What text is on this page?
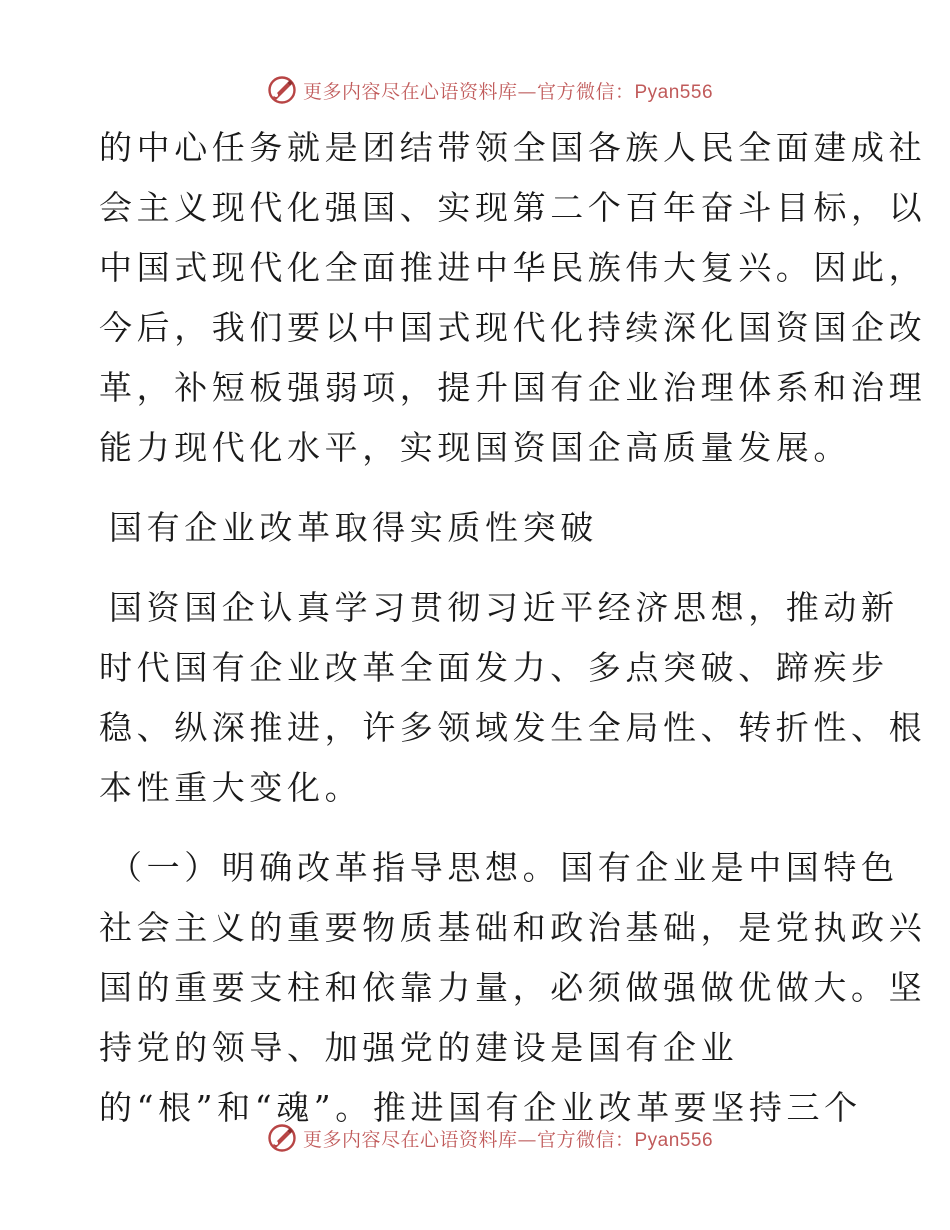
更多内容尽在心语资料库—官方微信：Pyan556
的中心任务就是团结带领全国各族人民全面建成社
会主义现代化强国、实现第二个百年奋斗目标，以
中国式现代化全面推进中华民族伟大复兴。因此，
今后，我们要以中国式现代化持续深化国资国企改
革，补短板强弱项，提升国有企业治理体系和治理
能力现代化水平，实现国资国企高质量发展。
国有企业改革取得实质性突破
国资国企认真学习贯彻习近平经济思想，推动新
时代国有企业改革全面发力、多点突破、蹄疾步
稳、纵深推进，许多领域发生全局性、转折性、根
本性重大变化。
（一）明确改革指导思想。国有企业是中国特色
社会主义的重要物质基础和政治基础，是党执政兴
国的重要支柱和依靠力量，必须做强做优做大。坚
持党的领导、加强党的建设是国有企业
的“根”和“魂”。推进国有企业改革要坚持三个
更多内容尽在心语资料库—官方微信：Pyan556
